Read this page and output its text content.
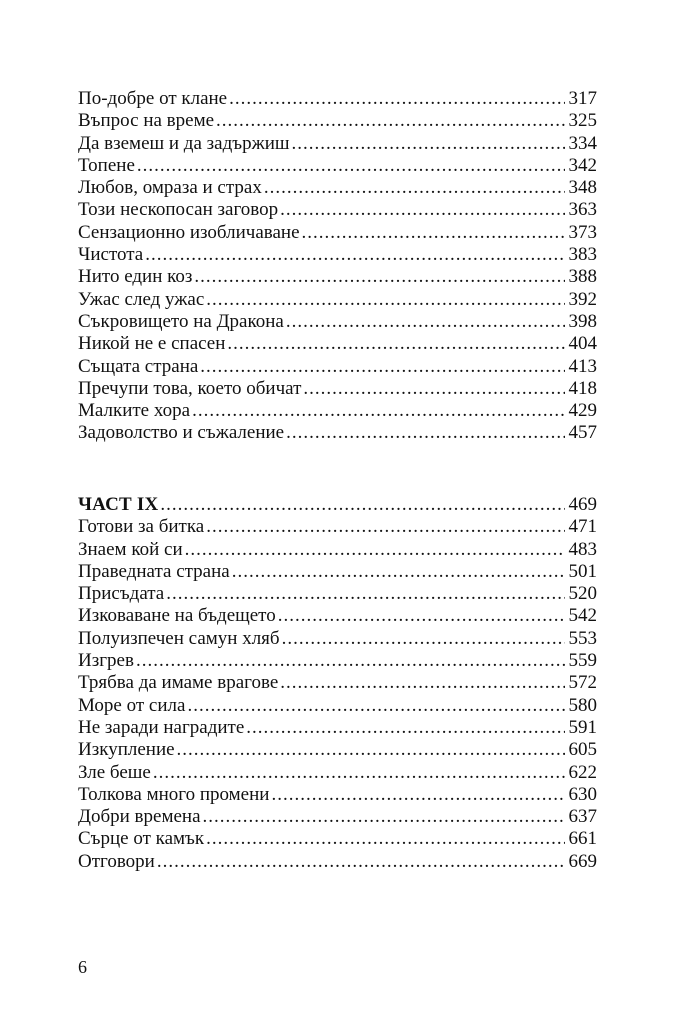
По-добре от клане .....	317
Въпрос на време .....	325
Да вземеш и да задържиш .....	334
Топене .....	342
Любов, омраза и страх .....	348
Този нескопосан заговор .....	363
Сензационно изобличаване .....	373
Чистота .....	383
Нито един коз .....	388
Ужас след ужас .....	392
Съкровището на Дракона .....	398
Никой не е спасен .....	404
Същата страна .....	413
Пречупи това, което обичат .....	418
Малките хора .....	429
Задоволство и съжаление .....	457
ЧАСТ IX .....	469
Готови за битка .....	471
Знаем кой си .....	483
Праведната страна .....	501
Присъдата .....	520
Изковаване на бъдещето .....	542
Полуизпечен самун хляб .....	553
Изгрев .....	559
Трябва да имаме врагове .....	572
Море от сила .....	580
Не заради наградите .....	591
Изкупление .....	605
Зле беше .....	622
Толкова много промени .....	630
Добри времена .....	637
Сърце от камък .....	661
Отговори .....	669
6
